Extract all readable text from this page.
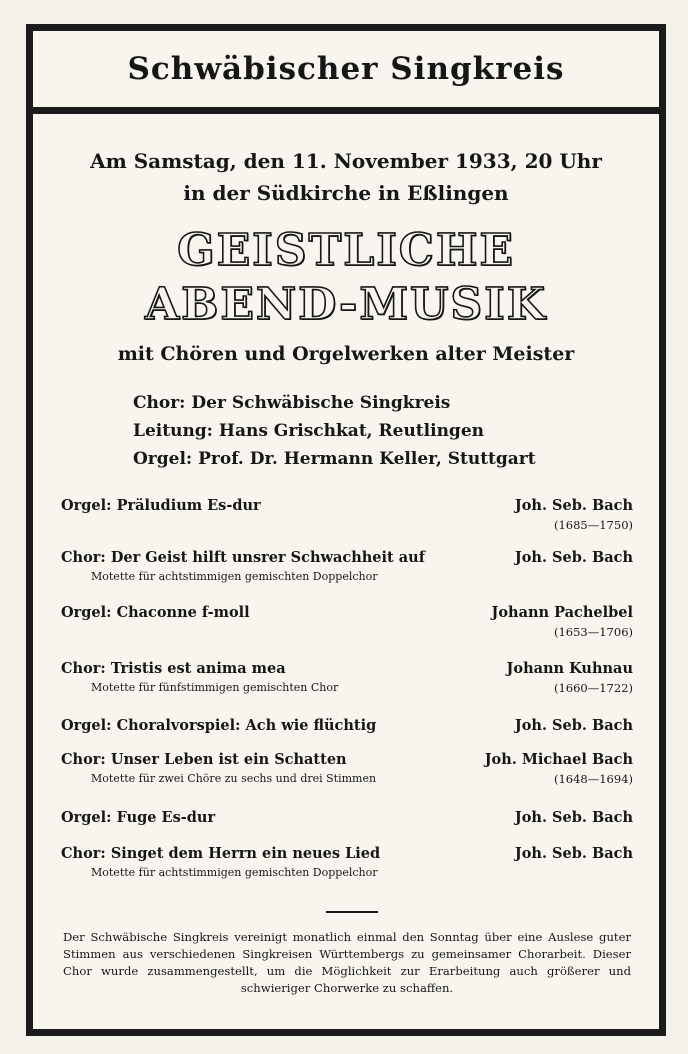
Schwäbischer Singkreis
Am Samstag, den 11. November 1933, 20 Uhr
in der Südkirche in Eßlingen
GEISTLICHE
ABEND-MUSIK
mit Chören und Orgelwerken alter Meister
Chor: Der Schwäbische Singkreis
Leitung: Hans Grischkat, Reutlingen
Orgel: Prof. Dr. Hermann Keller, Stuttgart
Orgel: Präludium Es-dur	Joh. Seb. Bach
(1685—1750)
Chor: Der Geist hilft unsrer Schwachheit auf	Joh. Seb. Bach
Motette für achtstimmigen gemischten Doppelchor
Orgel: Chaconne f-moll	Johann Pachelbel
(1653—1706)
Chor: Tristis est anima mea	Johann Kuhnau
Motette für fünfstimmigen gemischten Chor	(1660—1722)
Orgel: Choralvorspiel: Ach wie flüchtig	Joh. Seb. Bach
Chor: Unser Leben ist ein Schatten	Joh. Michael Bach
Motette für zwei Chöre zu sechs und drei Stimmen	(1648—1694)
Orgel: Fuge Es-dur	Joh. Seb. Bach
Chor: Singet dem Herrn ein neues Lied	Joh. Seb. Bach
Motette für achtstimmigen gemischten Doppelchor
Der Schwäbische Singkreis vereinigt monatlich einmal den Sonntag über eine Auslese guter Stimmen aus verschiedenen Singkreisen Württembergs zu gemeinsamer Chorarbeit. Dieser Chor wurde zusammengestellt, um die Möglichkeit zur Erarbeitung auch größerer und schwieriger Chorwerke zu schaffen.
